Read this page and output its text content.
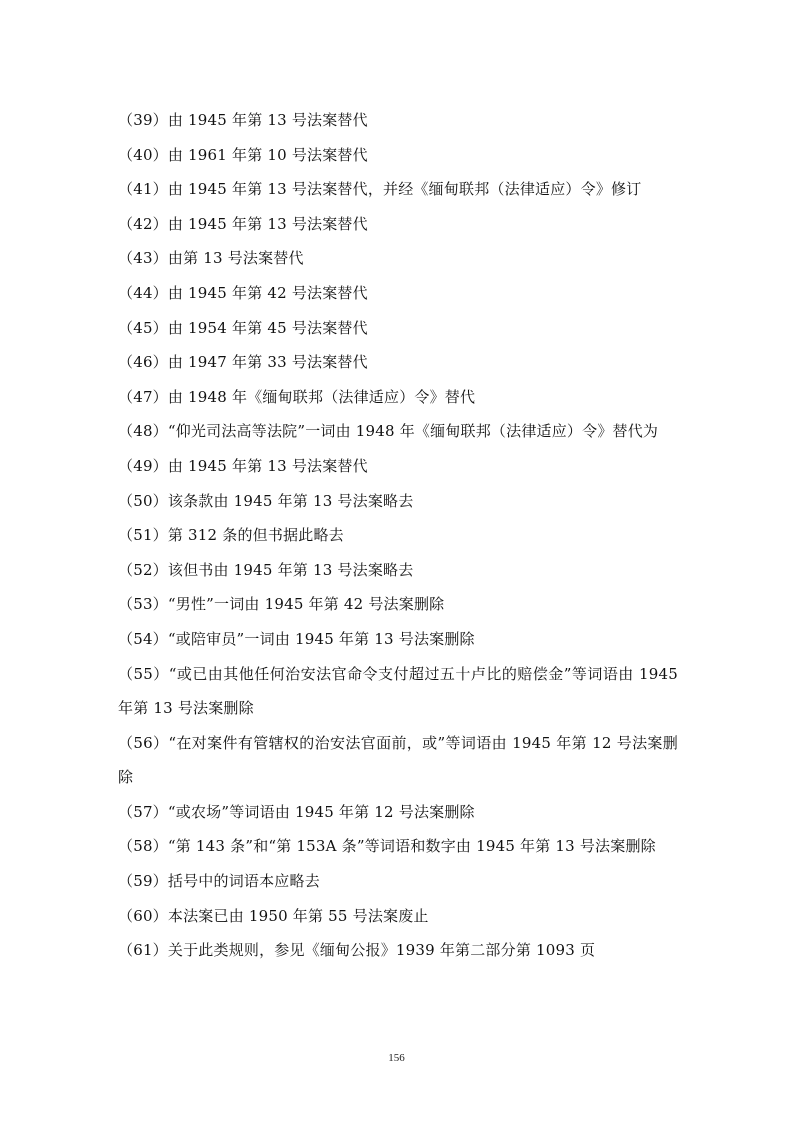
（39）由 1945 年第 13 号法案替代
（40）由 1961 年第 10 号法案替代
（41）由 1945 年第 13 号法案替代，并经《缅甸联邦（法律适应）令》修订
（42）由 1945 年第 13 号法案替代
（43）由第 13 号法案替代
（44）由 1945 年第 42 号法案替代
（45）由 1954 年第 45 号法案替代
（46）由 1947 年第 33 号法案替代
（47）由 1948 年《缅甸联邦（法律适应）令》替代
（48）“仰光司法高等法院”一词由 1948 年《缅甸联邦（法律适应）令》替代为
（49）由 1945 年第 13 号法案替代
（50）该条款由 1945 年第 13 号法案略去
（51）第 312 条的但书据此略去
（52）该但书由 1945 年第 13 号法案略去
（53）“男性”一词由 1945 年第 42 号法案删除
（54）“或陪审员”一词由 1945 年第 13 号法案删除
（55）“或已由其他任何治安法官命令支付超过五十卢比的赔偿金”等词语由 1945 年第 13 号法案删除
（56）“在对案件有管辖权的治安法官面前，或”等词语由 1945 年第 12 号法案删除
（57）“或农场”等词语由 1945 年第 12 号法案删除
（58）“第 143 条”和“第 153A 条”等词语和数字由 1945 年第 13 号法案删除
（59）括号中的词语本应略去
（60）本法案已由 1950 年第 55 号法案废止
（61）关于此类规则，参见《缅甸公报》1939 年第二部分第 1093 页
156
